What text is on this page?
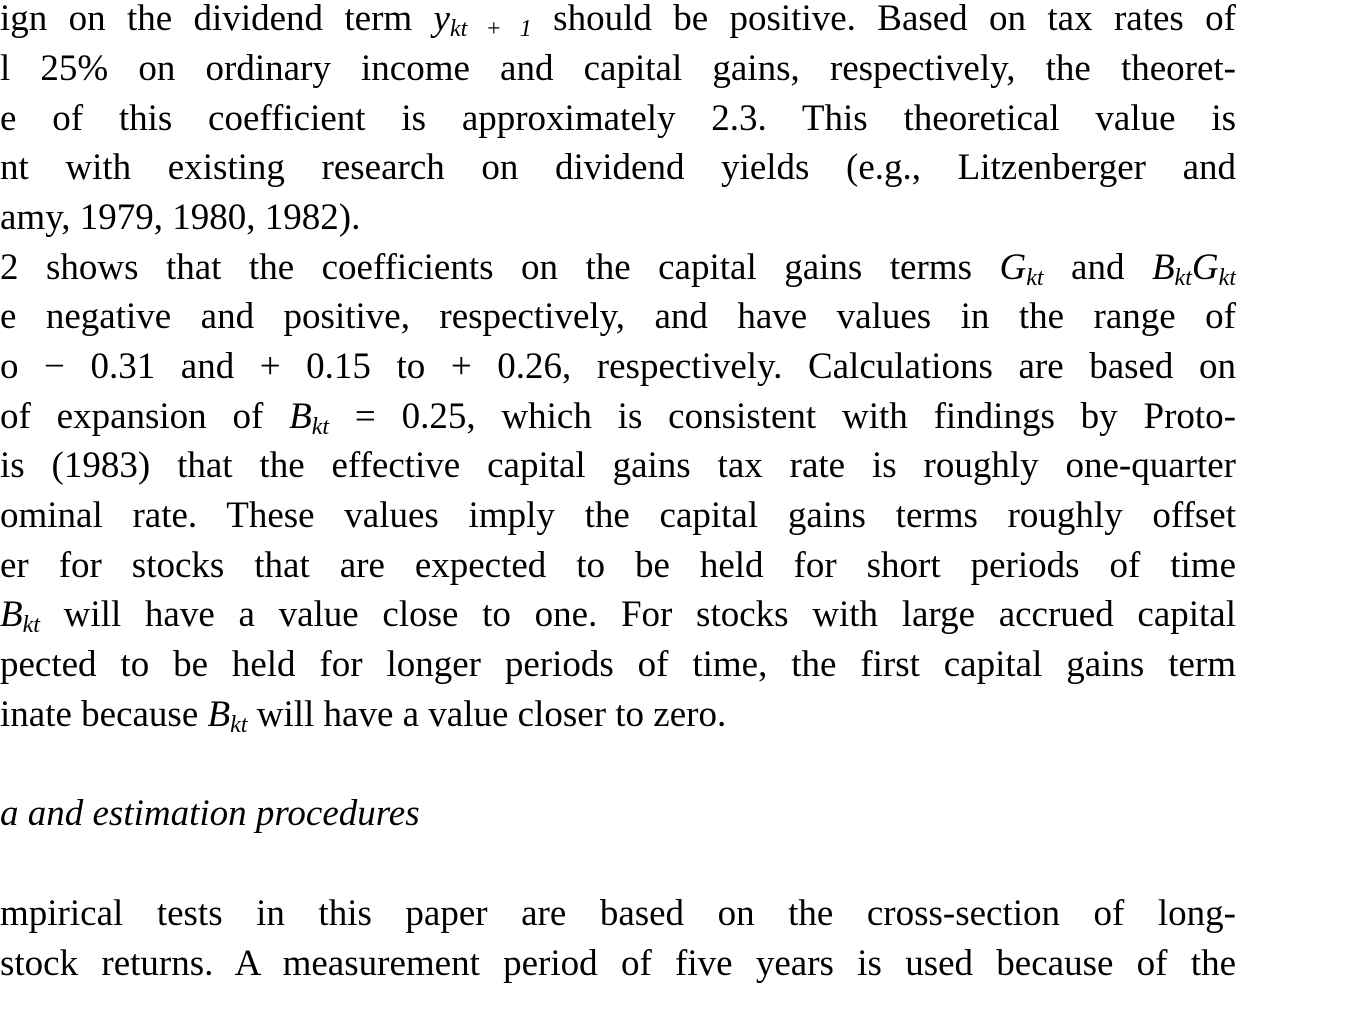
ign on the dividend term $y_{kt + 1}$ should be positive. Based on tax rates of
l 25% on ordinary income and capital gains, respectively, the theoret-
e of this coefficient is approximately 2.3. This theoretical value is
nt with existing research on dividend yields (e.g., Litzenberger and
amy, 1979, 1980, 1982).
2 shows that the coefficients on the capital gains terms $G_{kt}$ and $B_{kt}G_{kt}$
e negative and positive, respectively, and have values in the range of
o − 0.31 and + 0.15 to + 0.26, respectively. Calculations are based on
of expansion of $B_{kt} = 0.25$, which is consistent with findings by Proto-
is (1983) that the effective capital gains tax rate is roughly one-quarter
ominal rate. These values imply the capital gains terms roughly offset
er for stocks that are expected to be held for short periods of time
$B_{kt}$ will have a value close to one. For stocks with large accrued capital
pected to be held for longer periods of time, the first capital gains term
inate because $B_{kt}$ will have a value closer to zero.
a and estimation procedures
mpirical tests in this paper are based on the cross-section of long-
stock returns. A measurement period of five years is used because of the
